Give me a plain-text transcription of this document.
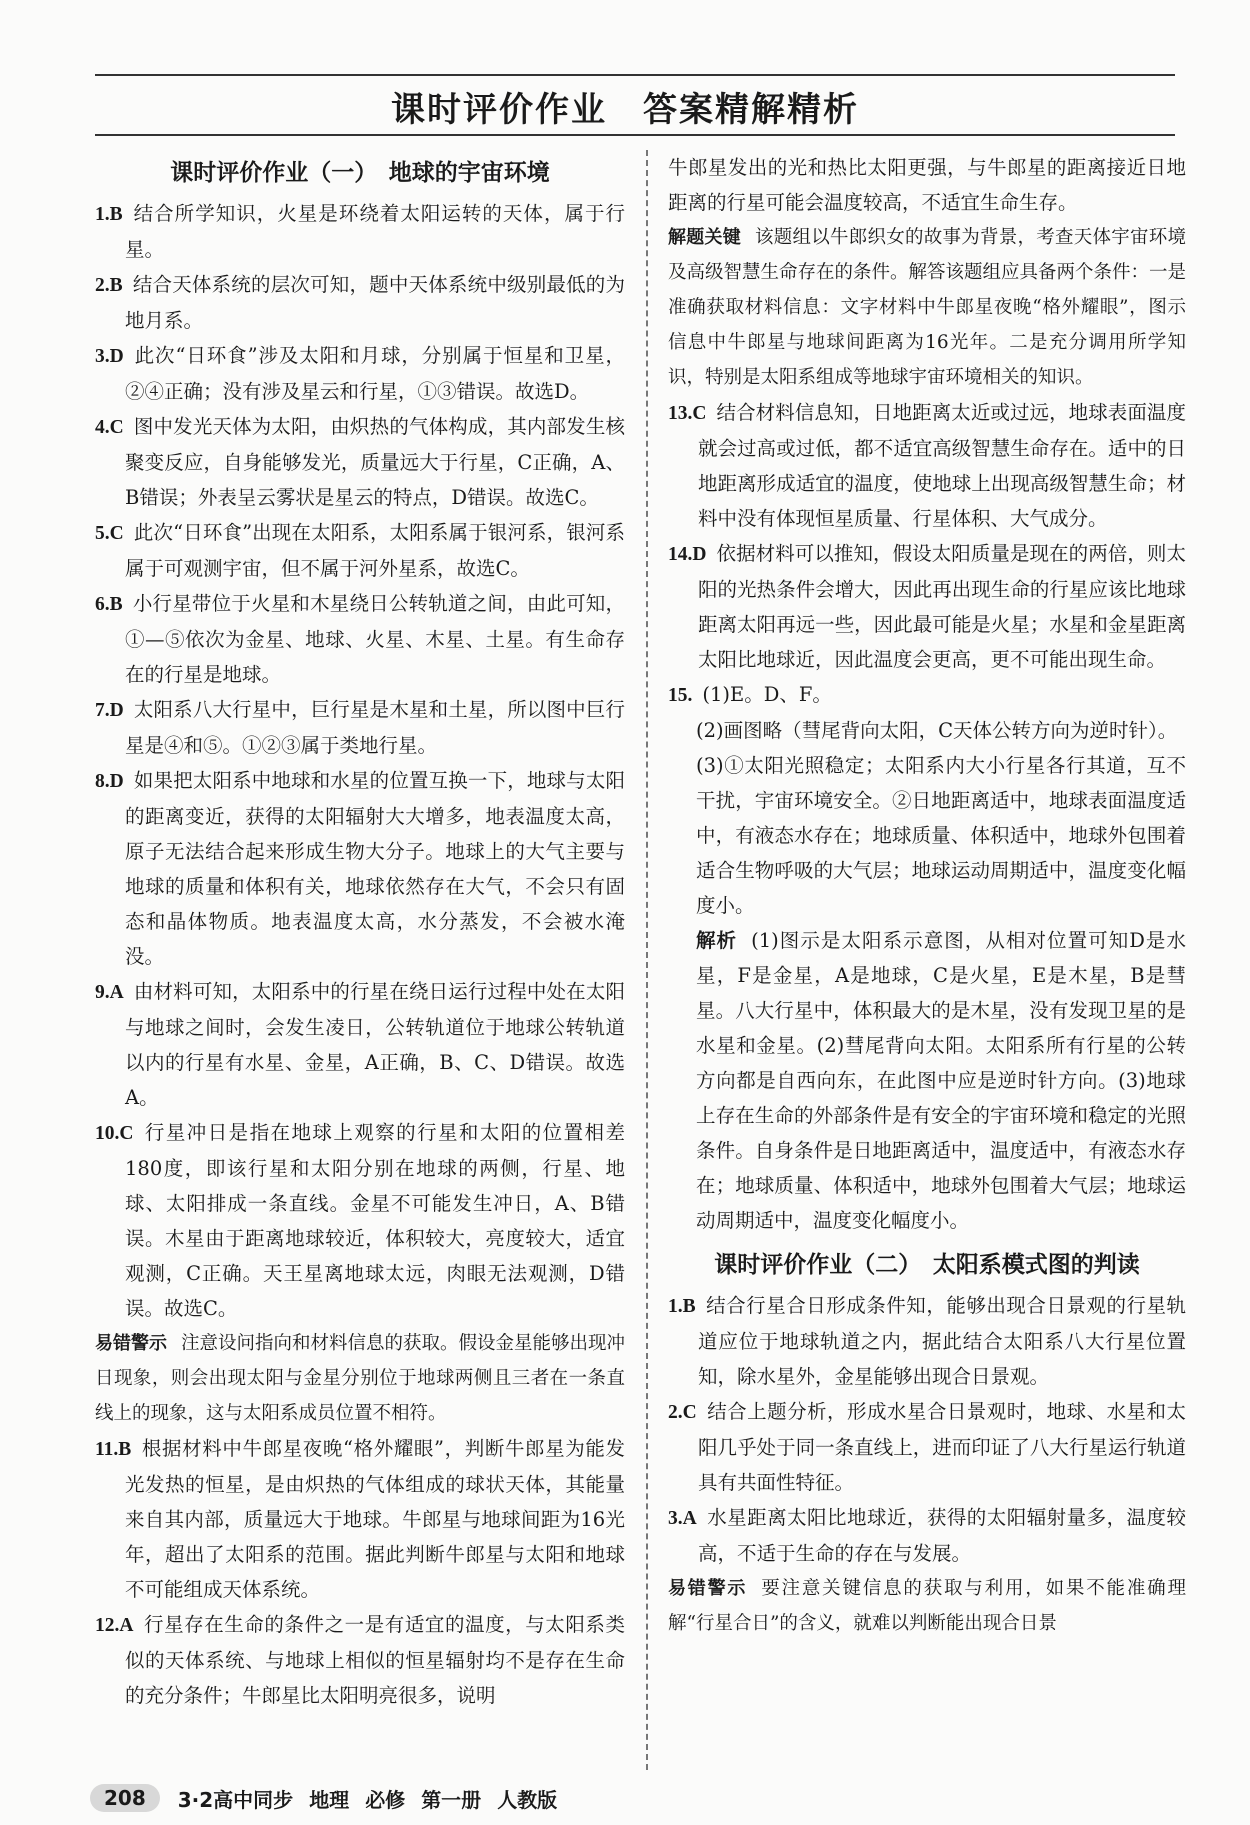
课时评价作业　答案精解精析
课时评价作业（一）　地球的宇宙环境

1.B 结合所学知识，火星是环绕着太阳运转的天体，属于行星。

2.B 结合天体系统的层次可知，题中天体系统中级别最低的为地月系。

3.D 此次“日环食”涉及太阳和月球，分别属于恒星和卫星，②④正确；没有涉及星云和行星，①③错误。故选D。

4.C 图中发光天体为太阳，由炽热的气体构成，其内部发生核聚变反应，自身能够发光，质量远大于行星，C正确，A、B错误；外表呈云雾状是星云的特点，D错误。故选C。

5.C 此次“日环食”出现在太阳系，太阳系属于银河系，银河系属于可观测宇宙，但不属于河外星系，故选C。

6.B 小行星带位于火星和木星绕日公转轨道之间，由此可知，①—⑤依次为金星、地球、火星、木星、土星。有生命存在的行星是地球。

7.D 太阳系八大行星中，巨行星是木星和土星，所以图中巨行星是④和⑤。①②③属于类地行星。

8.D 如果把太阳系中地球和水星的位置互换一下，地球与太阳的距离变近，获得的太阳辐射大大增多，地表温度太高，原子无法结合起来形成生物大分子。地球上的大气主要与地球的质量和体积有关，地球依然存在大气，不会只有固态和晶体物质。地表温度太高，水分蒸发，不会被水淹没。

9.A 由材料可知，太阳系中的行星在绕日运行过程中处在太阳与地球之间时，会发生凌日，公转轨道位于地球公转轨道以内的行星有水星、金星，A正确，B、C、D错误。故选A。

10.C 行星冲日是指在地球上观察的行星和太阳的位置相差180度，即该行星和太阳分别在地球的两侧，行星、地球、太阳排成一条直线。金星不可能发生冲日，A、B错误。木星由于距离地球较近，体积较大，亮度较大，适宜观测，C正确。天王星离地球太远，肉眼无法观测，D错误。故选C。

易错警示 注意设问指向和材料信息的获取。假设金星能够出现冲日现象，则会出现太阳与金星分别位于地球两侧且三者在一条直线上的现象，这与太阳系成员位置不相符。

11.B 根据材料中牛郎星夜晚“格外耀眼”，判断牛郎星为能发光发热的恒星，是由炽热的气体组成的球状天体，其能量来自其内部，质量远大于地球。牛郎星与地球间距为16光年，超出了太阳系的范围。据此判断牛郎星与太阳和地球不可能组成天体系统。

12.A 行星存在生命的条件之一是有适宜的温度，与太阳系类似的天体系统、与地球上相似的恒星辐射均不是存在生命的充分条件；牛郎星比太阳明亮很多，说明

牛郎星发出的光和热比太阳更强，与牛郎星的距离接近日地距离的行星可能会温度较高，不适宜生命生存。

解题关键 该题组以牛郎织女的故事为背景，考查天体宇宙环境及高级智慧生命存在的条件。解答该题组应具备两个条件：一是准确获取材料信息：文字材料中牛郎星夜晚“格外耀眼”，图示信息中牛郎星与地球间距离为16光年。二是充分调用所学知识，特别是太阳系组成等地球宇宙环境相关的知识。

13.C 结合材料信息知，日地距离太近或过远，地球表面温度就会过高或过低，都不适宜高级智慧生命存在。适中的日地距离形成适宜的温度，使地球上出现高级智慧生命；材料中没有体现恒星质量、行星体积、大气成分。

14.D 依据材料可以推知，假设太阳质量是现在的两倍，则太阳的光热条件会增大，因此再出现生命的行星应该比地球距离太阳再远一些，因此最可能是火星；水星和金星距离太阳比地球近，因此温度会更高，更不可能出现生命。

15. (1)E。D、F。

(2)画图略（彗尾背向太阳，C天体公转方向为逆时针）。

(3)①太阳光照稳定；太阳系内大小行星各行其道，互不干扰，宇宙环境安全。②日地距离适中，地球表面温度适中，有液态水存在；地球质量、体积适中，地球外包围着适合生物呼吸的大气层；地球运动周期适中，温度变化幅度小。

解析 (1)图示是太阳系示意图，从相对位置可知D是水星，F是金星，A是地球，C是火星，E是木星，B是彗星。八大行星中，体积最大的是木星，没有发现卫星的是水星和金星。(2)彗尾背向太阳。太阳系所有行星的公转方向都是自西向东，在此图中应是逆时针方向。(3)地球上存在生命的外部条件是有安全的宇宙环境和稳定的光照条件。自身条件是日地距离适中，温度适中，有液态水存在；地球质量、体积适中，地球外包围着大气层；地球运动周期适中，温度变化幅度小。

课时评价作业（二）　太阳系模式图的判读

1.B 结合行星合日形成条件知，能够出现合日景观的行星轨道应位于地球轨道之内，据此结合太阳系八大行星位置知，除水星外，金星能够出现合日景观。

2.C 结合上题分析，形成水星合日景观时，地球、水星和太阳几乎处于同一条直线上，进而印证了八大行星运行轨道具有共面性特征。

3.A 水星距离太阳比地球近，获得的太阳辐射量多，温度较高，不适于生命的存在与发展。

易错警示 要注意关键信息的获取与利用，如果不能准确理解“行星合日”的含义，就难以判断能出现合日景

208	3·2高中同步 地理 必修 第一册 人教版
